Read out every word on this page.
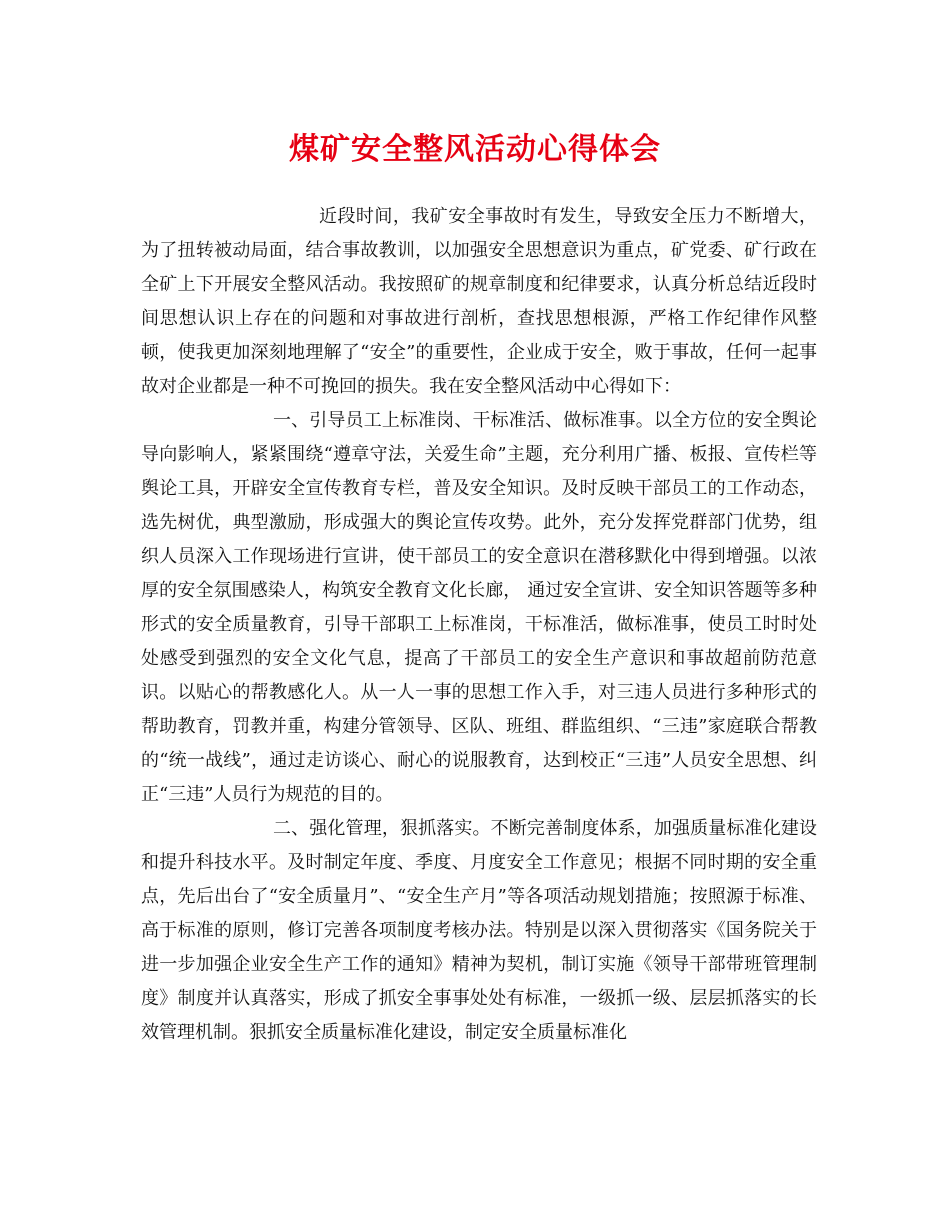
煤矿安全整风活动心得体会

近段时间，我矿安全事故时有发生，导致安全压力不断增大，为了扭转被动局面，结合事故教训，以加强安全思想意识为重点，矿党委、矿行政在全矿上下开展安全整风活动。我按照矿的规章制度和纪律要求，认真分析总结近段时间思想认识上存在的问题和对事故进行剖析，查找思想根源，严格工作纪律作风整顿，使我更加深刻地理解了“安全”的重要性，企业成于安全，败于事故，任何一起事故对企业都是一种不可挽回的损失。我在安全整风活动中心得如下：

一、引导员工上标准岗、干标准活、做标准事。以全方位的安全舆论导向影响人，紧紧围绕“遵章守法，关爱生命”主题，充分利用广播、板报、宣传栏等舆论工具，开辟安全宣传教育专栏，普及安全知识。及时反映干部员工的工作动态，选先树优，典型激励，形成强大的舆论宣传攻势。此外，充分发挥党群部门优势，组织人员深入工作现场进行宣讲，使干部员工的安全意识在潜移默化中得到增强。以浓厚的安全氛围感染人，构筑安全教育文化长廊， 通过安全宣讲、安全知识答题等多种形式的安全质量教育，引导干部职工上标准岗，干标准活，做标准事，使员工时时处处感受到强烈的安全文化气息，提高了干部员工的安全生产意识和事故超前防范意识。以贴心的帮教感化人。从一人一事的思想工作入手，对三违人员进行多种形式的帮助教育，罚教并重，构建分管领导、区队、班组、群监组织、“三违”家庭联合帮教的“统一战线”，通过走访谈心、耐心的说服教育，达到校正“三违”人员安全思想、纠正“三违”人员行为规范的目的。

二、强化管理，狠抓落实。不断完善制度体系，加强质量标准化建设和提升科技水平。及时制定年度、季度、月度安全工作意见；根据不同时期的安全重点，先后出台了“安全质量月”、“安全生产月”等各项活动规划措施；按照源于标准、高于标准的原则，修订完善各项制度考核办法。特别是以深入贯彻落实《国务院关于进一步加强企业安全生产工作的通知》精神为契机，制订实施《领导干部带班管理制度》制度并认真落实，形成了抓安全事事处处有标准，一级抓一级、层层抓落实的长效管理机制。狠抓安全质量标准化建设，制定安全质量标准化
